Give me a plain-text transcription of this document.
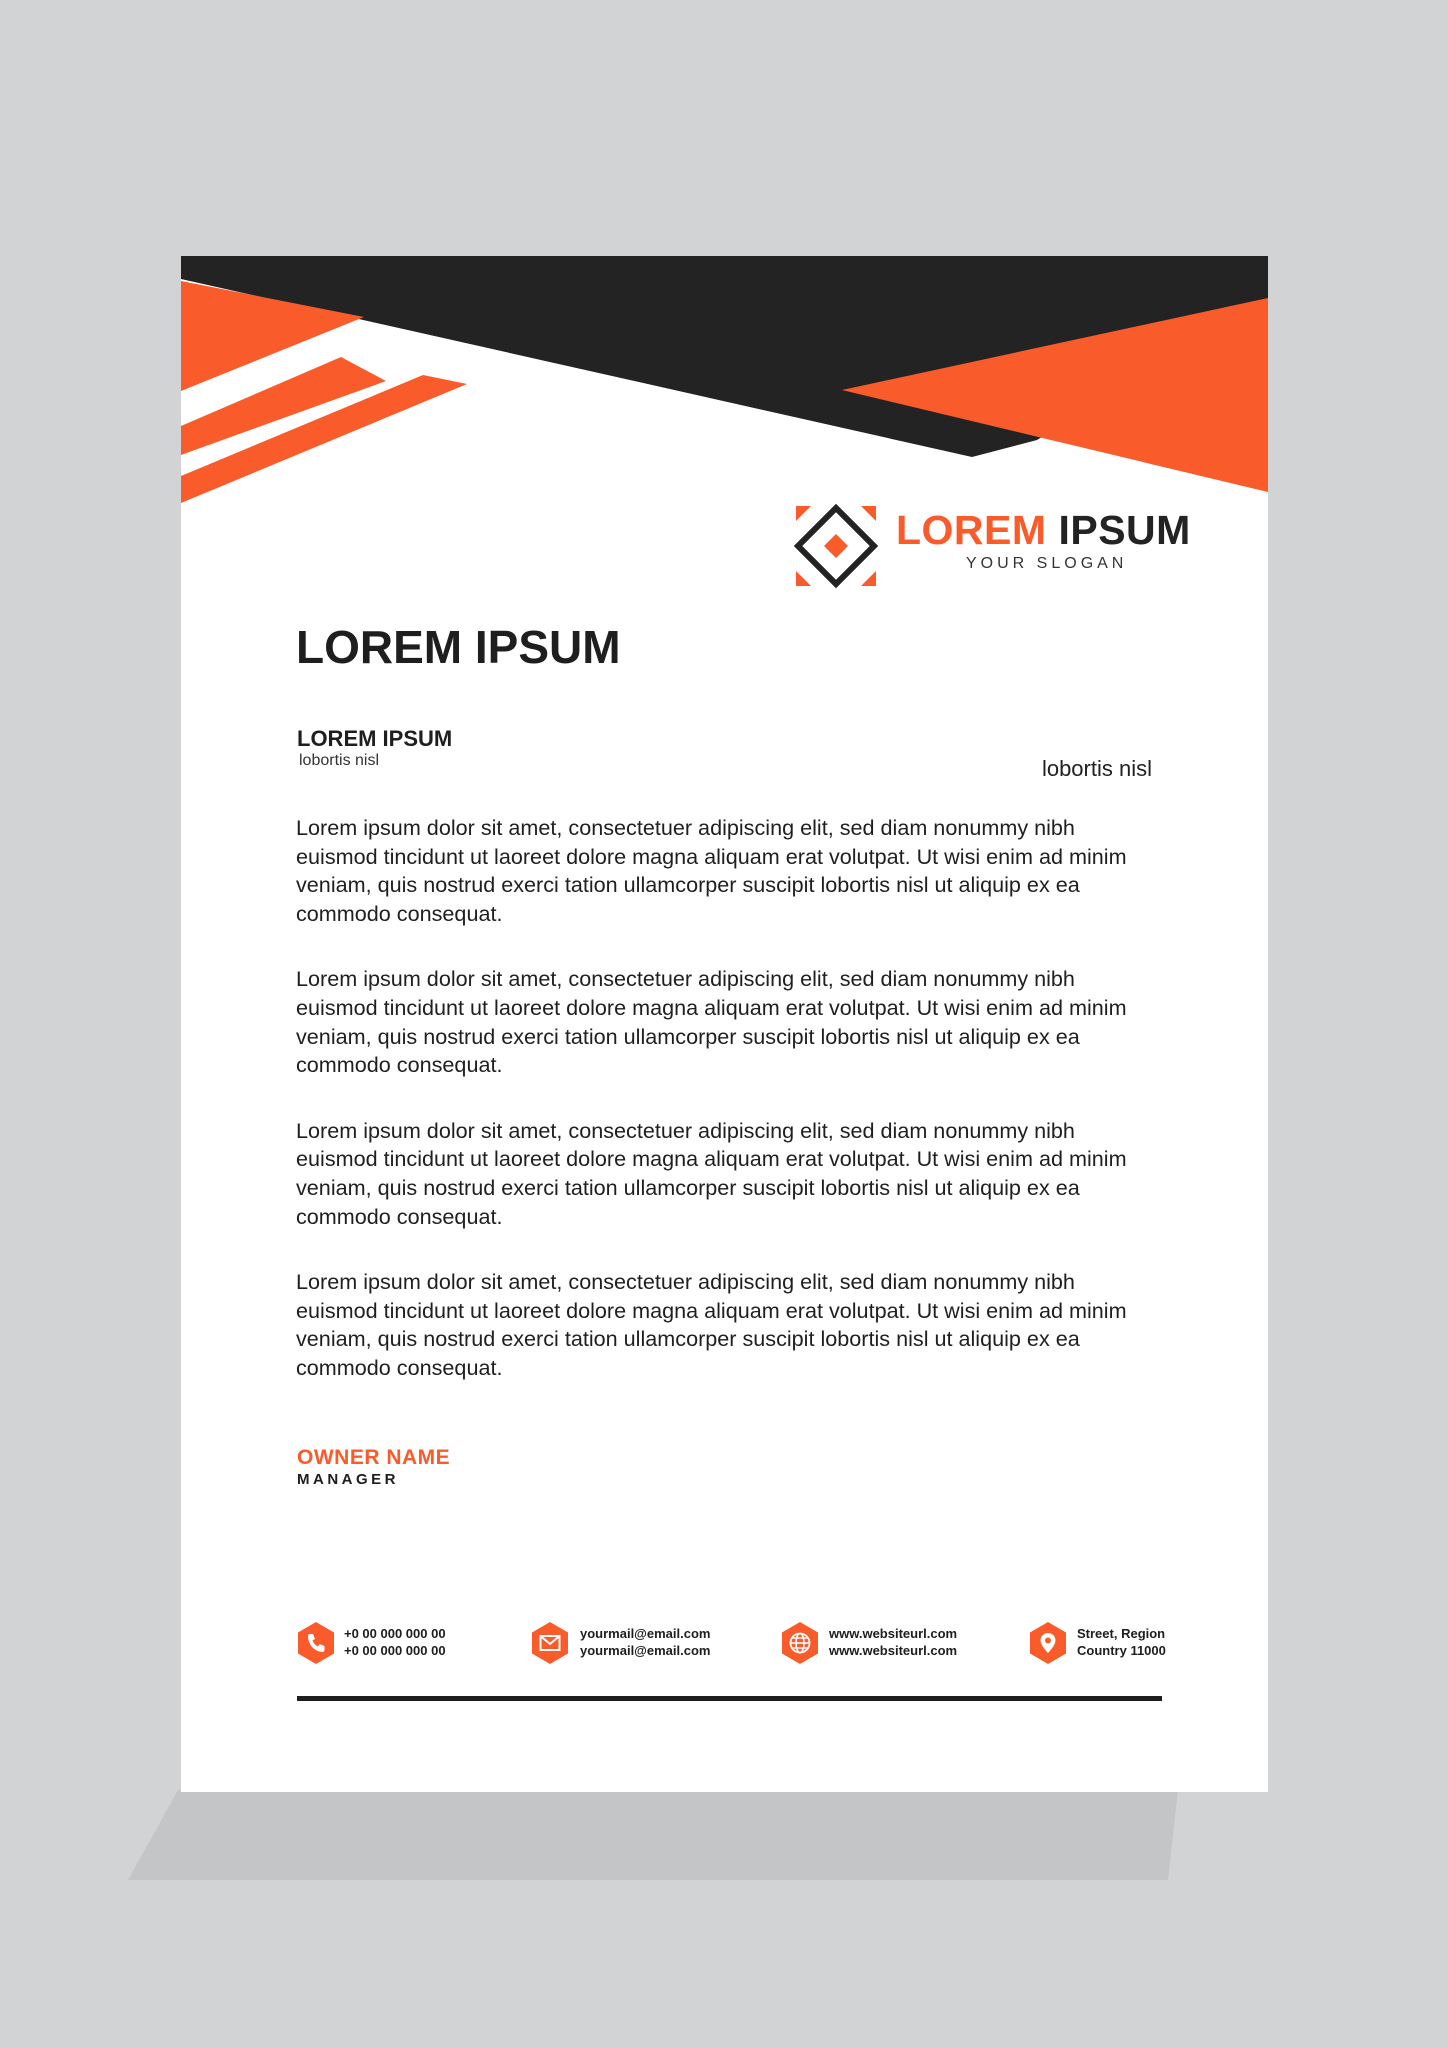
LOREM IPSUM
YOUR SLOGAN
LOREM IPSUM
LOREM IPSUM
lobortis nisl	lobortis nisl

Lorem ipsum dolor sit amet, consectetuer adipiscing elit, sed diam nonummy nibh euismod tincidunt ut laoreet dolore magna aliquam erat volutpat. Ut wisi enim ad minim veniam, quis nostrud exerci tation ullamcorper suscipit lobortis nisl ut aliquip ex ea commodo consequat.

Lorem ipsum dolor sit amet, consectetuer adipiscing elit, sed diam nonummy nibh euismod tincidunt ut laoreet dolore magna aliquam erat volutpat. Ut wisi enim ad minim veniam, quis nostrud exerci tation ullamcorper suscipit lobortis nisl ut aliquip ex ea commodo consequat.

Lorem ipsum dolor sit amet, consectetuer adipiscing elit, sed diam nonummy nibh euismod tincidunt ut laoreet dolore magna aliquam erat volutpat. Ut wisi enim ad minim veniam, quis nostrud exerci tation ullamcorper suscipit lobortis nisl ut aliquip ex ea commodo consequat.

Lorem ipsum dolor sit amet, consectetuer adipiscing elit, sed diam nonummy nibh euismod tincidunt ut laoreet dolore magna aliquam erat volutpat. Ut wisi enim ad minim veniam, quis nostrud exerci tation ullamcorper suscipit lobortis nisl ut aliquip ex ea commodo consequat.

OWNER NAME
MANAGER
+0 00 000 000 00
+0 00 000 000 00
yourmail@email.com
yourmail@email.com
www.websiteurl.com
www.websiteurl.com
Street, Region
Country 11000
